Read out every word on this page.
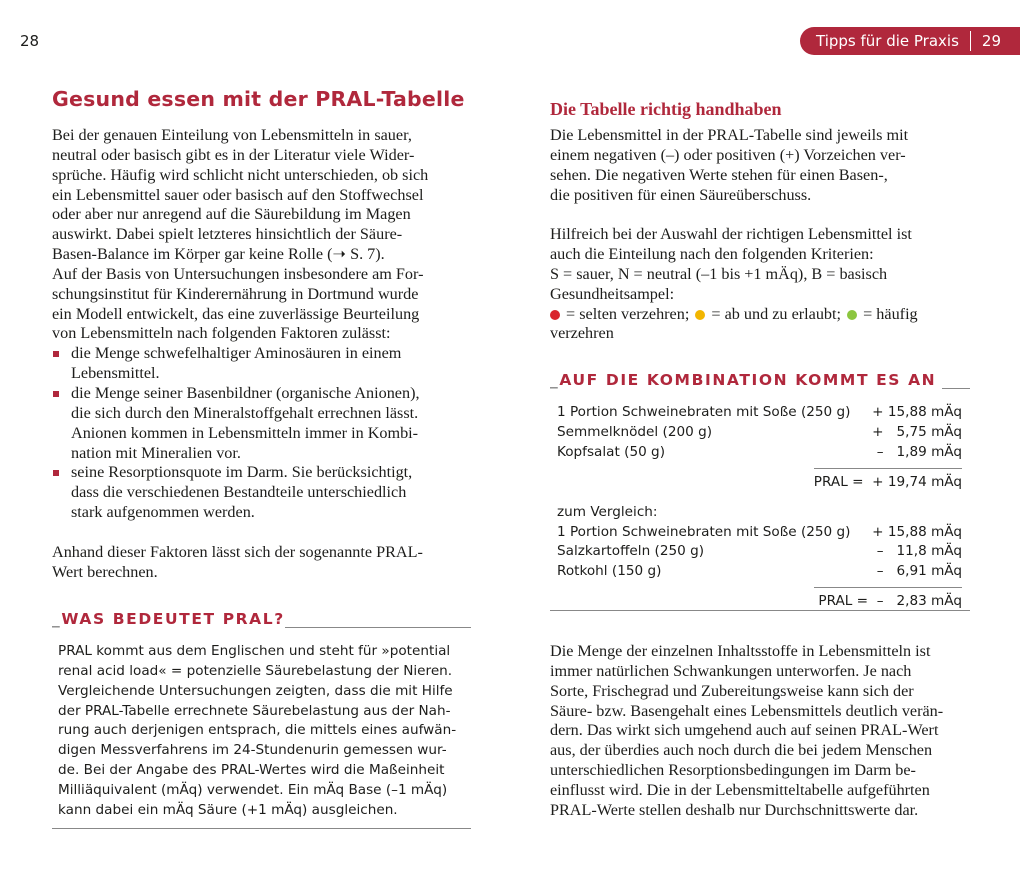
28	Tipps für die Praxis 29
Gesund essen mit der PRAL-Tabelle
Bei der genauen Einteilung von Lebensmitteln in sauer,
neutral oder basisch gibt es in der Literatur viele Wider-
sprüche. Häufig wird schlicht nicht unterschieden, ob sich
ein Lebensmittel sauer oder basisch auf den Stoffwechsel
oder aber nur anregend auf die Säurebildung im Magen
auswirkt. Dabei spielt letzteres hinsichtlich der Säure-
Basen-Balance im Körper gar keine Rolle (➝ S. 7).
Auf der Basis von Untersuchungen insbesondere am For-
schungsinstitut für Kinderernährung in Dortmund wurde
ein Modell entwickelt, das eine zuverlässige Beurteilung
von Lebensmitteln nach folgenden Faktoren zulässt:
die Menge schwefelhaltiger Aminosäuren in einem
Lebensmittel.
die Menge seiner Basenbildner (organische Anionen),
die sich durch den Mineralstoffgehalt errechnen lässt.
Anionen kommen in Lebensmitteln immer in Kombi-
nation mit Mineralien vor.
seine Resorptionsquote im Darm. Sie berücksichtigt,
dass die verschiedenen Bestandteile unterschiedlich
stark aufgenommen werden.
Anhand dieser Faktoren lässt sich der sogenannte PRAL-
Wert berechnen.
_WAS BEDEUTET PRAL?
PRAL kommt aus dem Englischen und steht für »potential
renal acid load« = potenzielle Säurebelastung der Nieren.
Vergleichende Untersuchungen zeigten, dass die mit Hilfe
der PRAL-Tabelle errechnete Säurebelastung aus der Nah-
rung auch derjenigen entsprach, die mittels eines aufwän-
digen Messverfahrens im 24-Stundenurin gemessen wur-
de. Bei der Angabe des PRAL-Wertes wird die Maßeinheit
Milliäquivalent (mÄq) verwendet. Ein mÄq Base (–1 mÄq)
kann dabei ein mÄq Säure (+1 mÄq) ausgleichen.
Die Tabelle richtig handhaben
Die Lebensmittel in der PRAL-Tabelle sind jeweils mit
einem negativen (–) oder positiven (+) Vorzeichen ver-
sehen. Die negativen Werte stehen für einen Basen-,
die positiven für einen Säureüberschuss.
Hilfreich bei der Auswahl der richtigen Lebensmittel ist
auch die Einteilung nach den folgenden Kriterien:
S = sauer, N = neutral (–1 bis +1 mÄq), B = basisch
Gesundheitsampel:
= selten verzehren; = ab und zu erlaubt; = häufig
verzehren
_AUF DIE KOMBINATION KOMMT ES AN
1 Portion Schweinebraten mit Soße (250 g) + 15,88 mÄq
Semmelknödel (200 g)	+   5,75 mÄq
Kopfsalat (50 g)	–   1,89 mÄq
PRAL =  + 19,74 mÄq
zum Vergleich:
1 Portion Schweinebraten mit Soße (250 g) + 15,88 mÄq
Salzkartoffeln (250 g)	–   11,8 mÄq
Rotkohl (150 g)	–   6,91 mÄq
PRAL =  –   2,83 mÄq
Die Menge der einzelnen Inhaltsstoffe in Lebensmitteln ist
immer natürlichen Schwankungen unterworfen. Je nach
Sorte, Frischegrad und Zubereitungsweise kann sich der
Säure- bzw. Basengehalt eines Lebensmittels deutlich verän-
dern. Das wirkt sich umgehend auch auf seinen PRAL-Wert
aus, der überdies auch noch durch die bei jedem Menschen
unterschiedlichen Resorptionsbedingungen im Darm be-
einflusst wird. Die in der Lebensmitteltabelle aufgeführten
PRAL-Werte stellen deshalb nur Durchschnittswerte dar.
